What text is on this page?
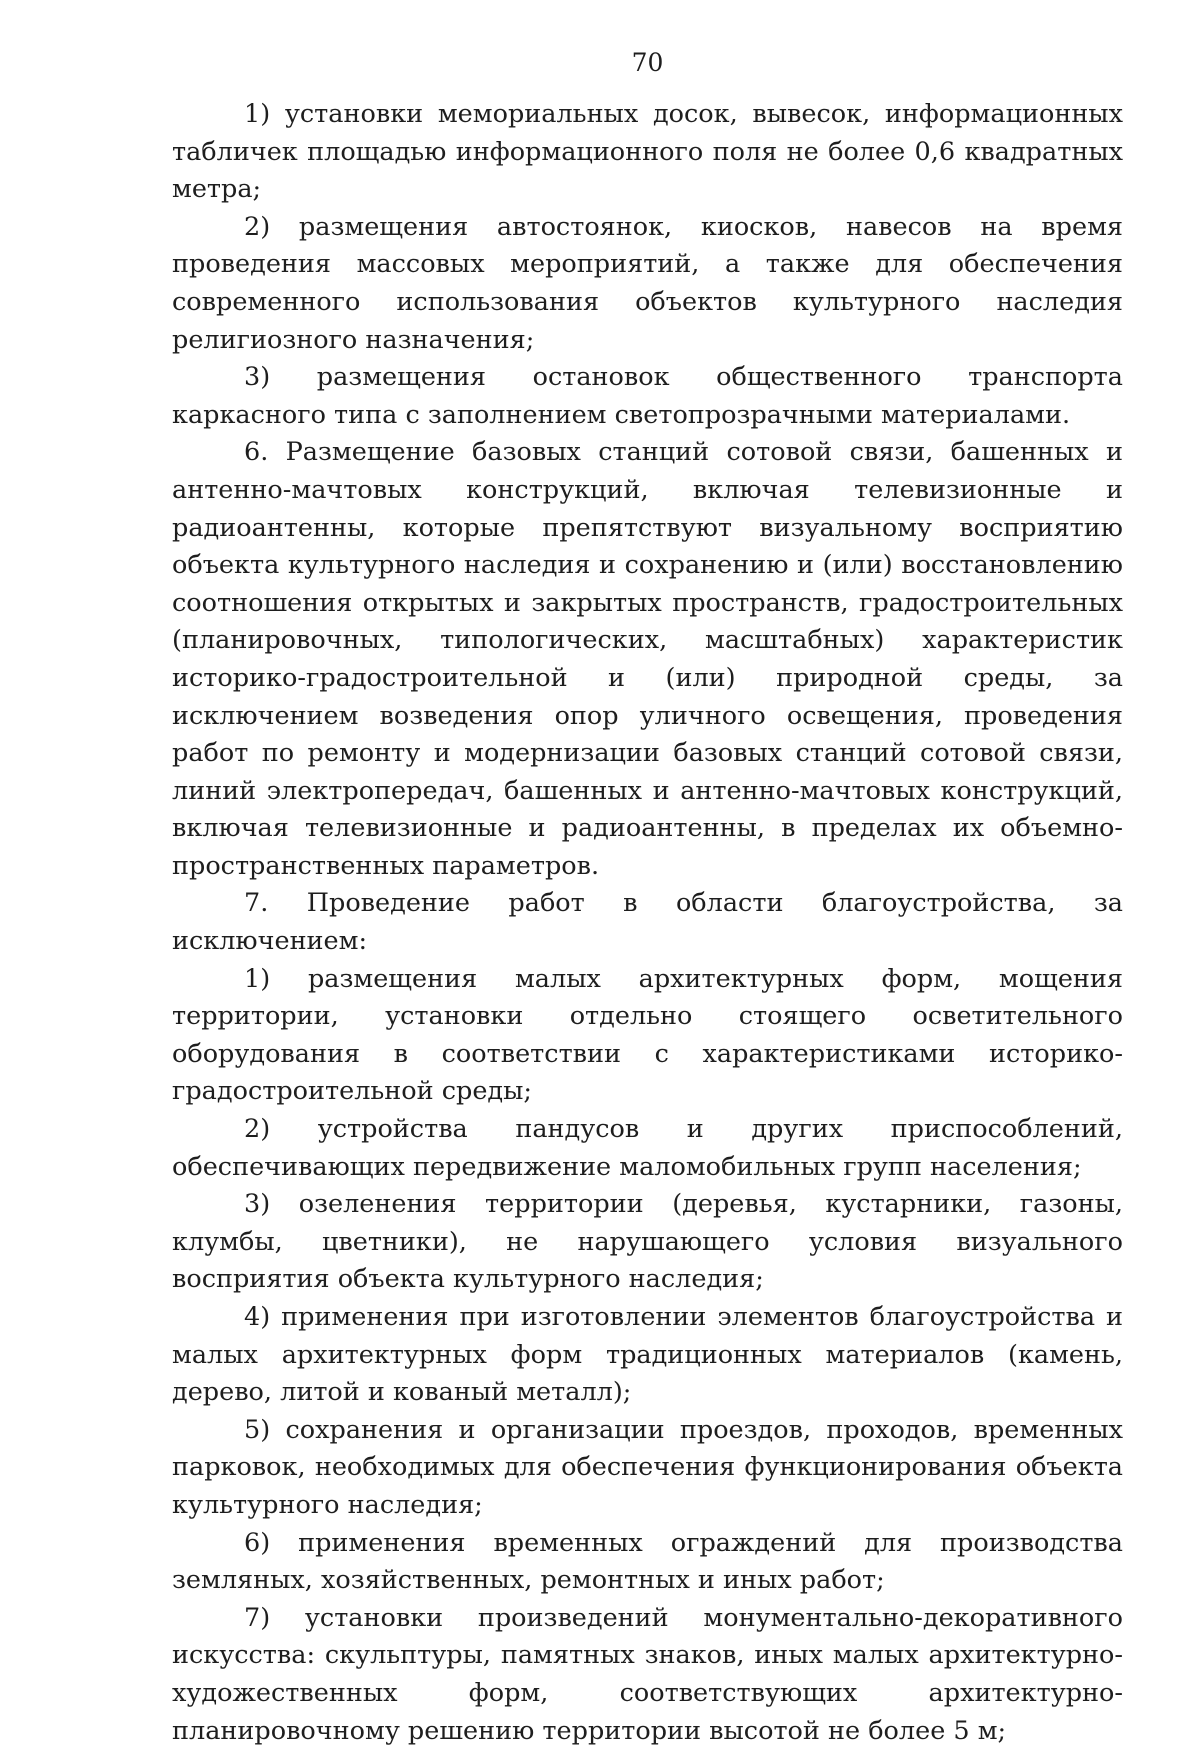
70

1) установки мемориальных досок, вывесок, информационных табличек площадью информационного поля не более 0,6 квадратных метра;

2) размещения автостоянок, киосков, навесов на время проведения массовых мероприятий, а также для обеспечения современного использования объектов культурного наследия религиозного назначения;

3) размещения остановок общественного транспорта каркасного типа с заполнением светопрозрачными материалами.

6. Размещение базовых станций сотовой связи, башенных и антенно-мачтовых конструкций, включая телевизионные и радиоантенны, которые препятствуют визуальному восприятию объекта культурного наследия и сохранению и (или) восстановлению соотношения открытых и закрытых пространств, градостроительных (планировочных, типологических, масштабных) характеристик историко-градостроительной и (или) природной среды, за исключением возведения опор уличного освещения, проведения работ по ремонту и модернизации базовых станций сотовой связи, линий электропередач, башенных и антенно-мачтовых конструкций, включая телевизионные и радиоантенны, в пределах их объемно- пространственных параметров.

7. Проведение работ в области благоустройства, за исключением:

1) размещения малых архитектурных форм, мощения территории, установки отдельно стоящего осветительного оборудования в соответствии с характеристиками историко-градостроительной среды;

2) устройства пандусов и других приспособлений, обеспечивающих передвижение маломобильных групп населения;

3) озеленения территории (деревья, кустарники, газоны, клумбы, цветники), не нарушающего условия визуального восприятия объекта культурного наследия;

4) применения при изготовлении элементов благоустройства и малых архитектурных форм традиционных материалов (камень, дерево, литой и кованый металл);

5) сохранения и организации проездов, проходов, временных парковок, необходимых для обеспечения функционирования объекта культурного наследия;

6) применения временных ограждений для производства земляных, хозяйственных, ремонтных и иных работ;

7) установки произведений монументально-декоративного искусства: скульптуры, памятных знаков, иных малых архитектурно-художественных форм, соответствующих архитектурно-планировочному решению территории высотой не более 5 м;
